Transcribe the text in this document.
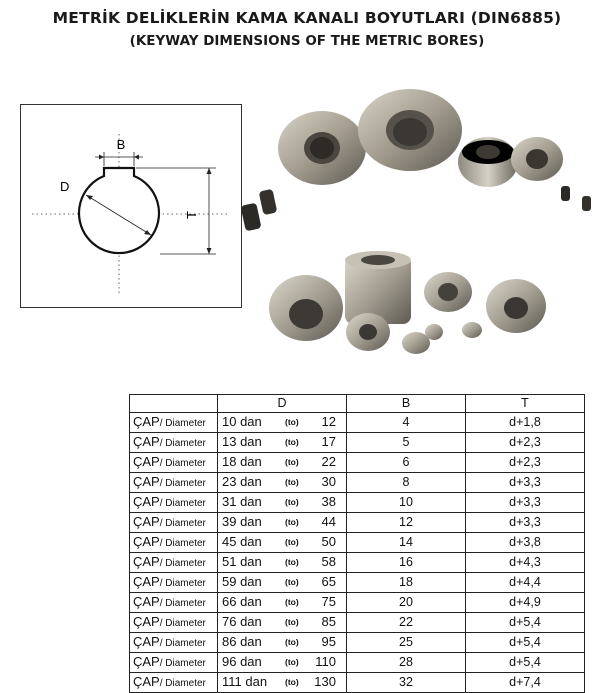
METRİK DELİKLERİN KAMA KANALI BOYUTLARI (DIN6885)
(KEYWAY DIMENSIONS OF THE METRIC BORES)
B
D
T
	D	B	T
ÇAP/ Diameter	10 dan (to) 12	4	d+1,8
ÇAP/ Diameter	13 dan (to) 17	5	d+2,3
ÇAP/ Diameter	18 dan (to) 22	6	d+2,3
ÇAP/ Diameter	23 dan (to) 30	8	d+3,3
ÇAP/ Diameter	31 dan (to) 38	10	d+3,3
ÇAP/ Diameter	39 dan (to) 44	12	d+3,3
ÇAP/ Diameter	45 dan (to) 50	14	d+3,8
ÇAP/ Diameter	51 dan (to) 58	16	d+4,3
ÇAP/ Diameter	59 dan (to) 65	18	d+4,4
ÇAP/ Diameter	66 dan (to) 75	20	d+4,9
ÇAP/ Diameter	76 dan (to) 85	22	d+5,4
ÇAP/ Diameter	86 dan (to) 95	25	d+5,4
ÇAP/ Diameter	96 dan (to) 110	28	d+5,4
ÇAP/ Diameter	111 dan (to) 130	32	d+7,4
